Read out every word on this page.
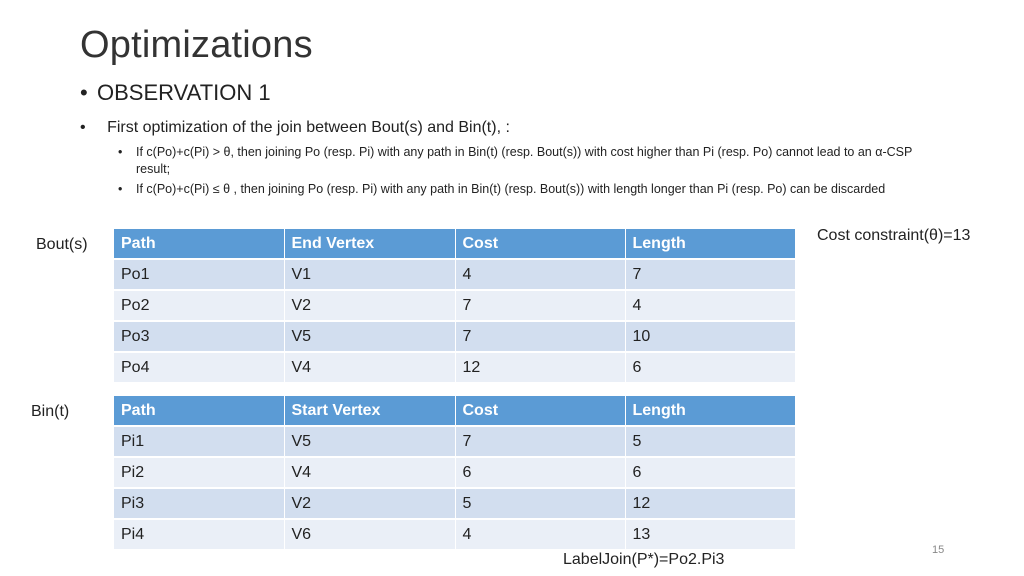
Optimizations
• OBSERVATION 1
• First optimization of the join between Bout(s) and Bin(t), :
• If c(Po)+c(Pi) > θ, then joining Po (resp. Pi) with any path in Bin(t) (resp. Bout(s)) with cost higher than Pi (resp. Po) cannot lead to an α-CSP result;
• If c(Po)+c(Pi) ≤ θ , then joining Po (resp. Pi) with any path in Bin(t) (resp. Bout(s)) with length longer than Pi (resp. Po) can be discarded
Cost constraint(θ)=13
Bout(s) Path	End Vertex	Cost	Length
Po1	V1	4	7
Po2	V2	7	4
Po3	V5	7	10
Po4	V4	12	6
Bin(t)	Path	Start Vertex	Cost	Length
Pi1	V5	7	5
Pi2	V4	6	6
Pi3	V2	5	12
Pi4	V6	4	13
LabelJoin(P*)=Po2.Pi3
15
